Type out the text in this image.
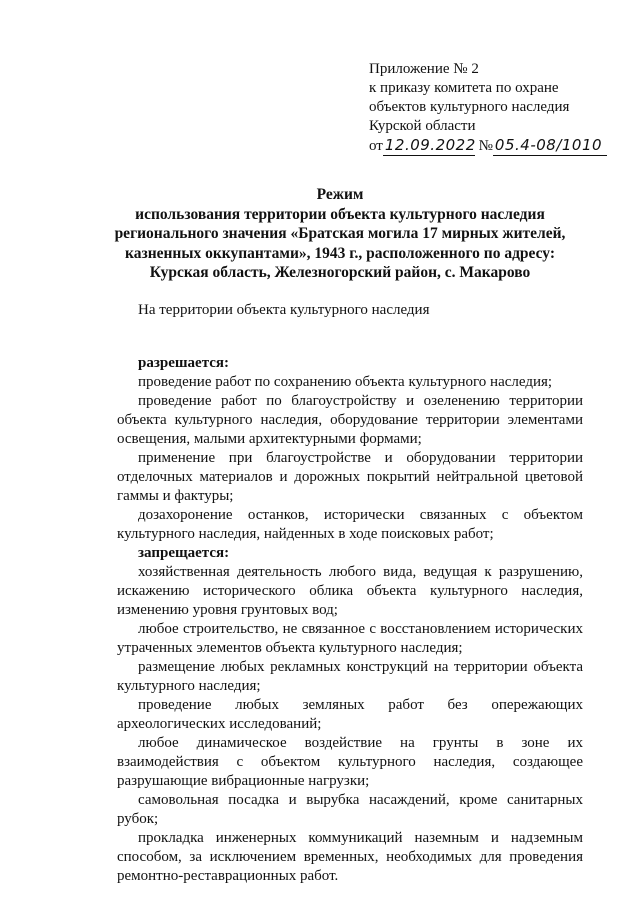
Приложение № 2
к приказу комитета по охране
объектов культурного наследия
Курской области
от 12.09.2022 № 05.4-08/1010
Режим
использования территории объекта культурного наследия
регионального значения «Братская могила 17 мирных жителей,
казненных оккупантами», 1943 г., расположенного по адресу:
Курская область, Железногорский район, с. Макарово
На территории объекта культурного наследия
разрешается:

проведение работ по сохранению объекта культурного наследия;

проведение работ по благоустройству и озеленению территории объекта культурного наследия, оборудование территории элементами освещения, малыми архитектурными формами;

применение при благоустройстве и оборудовании территории отделочных материалов и дорожных покрытий нейтральной цветовой гаммы и фактуры;

дозахоронение останков, исторически связанных с объектом культурного наследия, найденных в ходе поисковых работ;

запрещается:

хозяйственная деятельность любого вида, ведущая к разрушению, искажению исторического облика объекта культурного наследия, изменению уровня грунтовых вод;

любое строительство, не связанное с восстановлением исторических утраченных элементов объекта культурного наследия;

размещение любых рекламных конструкций на территории объекта культурного наследия;

проведение любых земляных работ без опережающих археологических исследований;

любое динамическое воздействие на грунты в зоне их взаимодействия с объектом культурного наследия, создающее разрушающие вибрационные нагрузки;

самовольная посадка и вырубка насаждений, кроме санитарных рубок;

прокладка инженерных коммуникаций наземным и надземным способом, за исключением временных, необходимых для проведения ремонтно-реставрационных работ.
